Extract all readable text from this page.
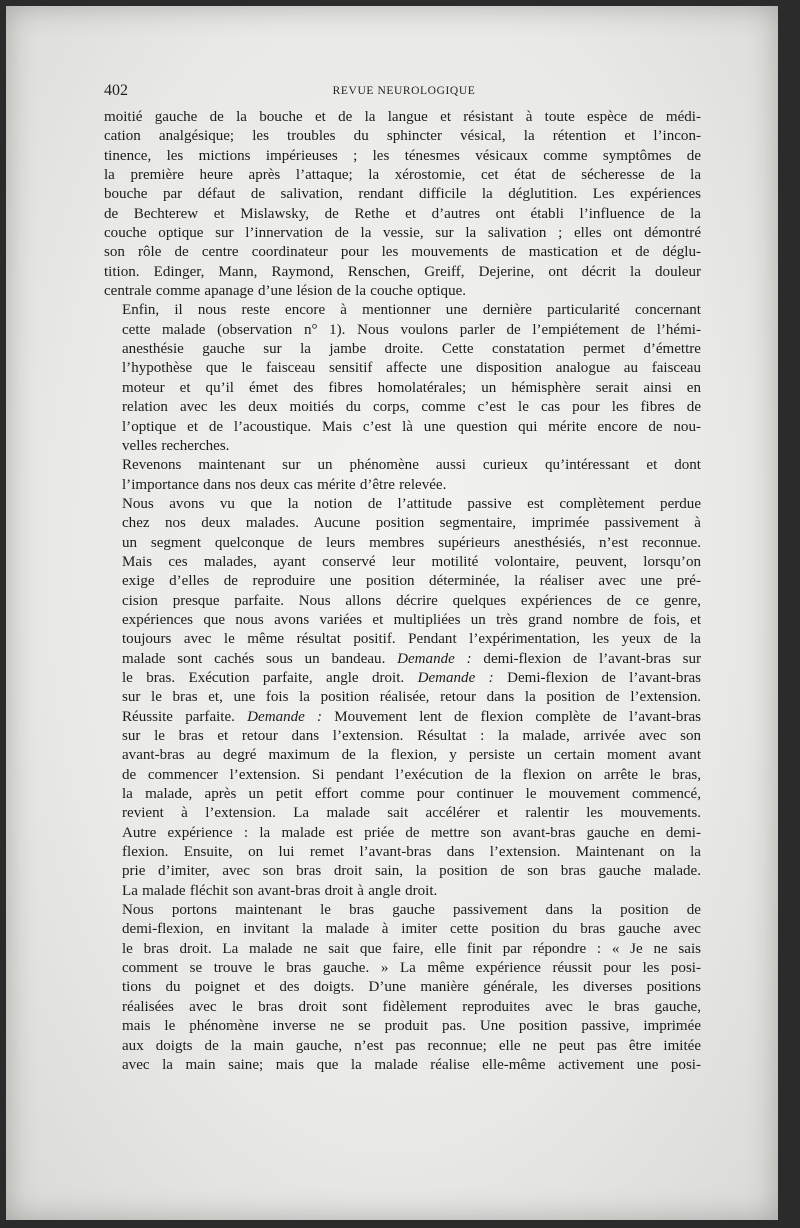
402	REVUE NEUROLOGIQUE
moitié gauche de la bouche et de la langue et résistant à toute espèce de médi-
cation analgésique; les troubles du sphincter vésical, la rétention et l’incon-
tinence, les mictions impérieuses ; les ténesmes vésicaux comme symptômes de
la première heure après l’attaque; la xérostomie, cet état de sécheresse de la
bouche par défaut de salivation, rendant difficile la déglutition. Les expériences
de Bechterew et Mislawsky, de Rethe et d’autres ont établi l’influence de la
couche optique sur l’innervation de la vessie, sur la salivation ; elles ont démontré
son rôle de centre coordinateur pour les mouvements de mastication et de déglu-
tition. Edinger, Mann, Raymond, Renschen, Greiff, Dejerine, ont décrit la douleur
centrale comme apanage d’une lésion de la couche optique.
Enfin, il nous reste encore à mentionner une dernière particularité concernant
cette malade (observation n° 1). Nous voulons parler de l’empiétement de l’hémi-
anesthésie gauche sur la jambe droite. Cette constatation permet d’émettre
l’hypothèse que le faisceau sensitif affecte une disposition analogue au faisceau
moteur et qu’il émet des fibres homolatérales; un hémisphère serait ainsi en
relation avec les deux moitiés du corps, comme c’est le cas pour les fibres de
l’optique et de l’acoustique. Mais c’est là une question qui mérite encore de nou-
velles recherches.
Revenons maintenant sur un phénomène aussi curieux qu’intéressant et dont
l’importance dans nos deux cas mérite d’être relevée.
Nous avons vu que la notion de l’attitude passive est complètement perdue
chez nos deux malades. Aucune position segmentaire, imprimée passivement à
un segment quelconque de leurs membres supérieurs anesthésiés, n’est reconnue.
Mais ces malades, ayant conservé leur motilité volontaire, peuvent, lorsqu’on
exige d’elles de reproduire une position déterminée, la réaliser avec une pré-
cision presque parfaite. Nous allons décrire quelques expériences de ce genre,
expériences que nous avons variées et multipliées un très grand nombre de fois, et
toujours avec le même résultat positif. Pendant l’expérimentation, les yeux de la
malade sont cachés sous un bandeau. Demande : demi-flexion de l’avant-bras sur
le bras. Exécution parfaite, angle droit. Demande : Demi-flexion de l’avant-bras
sur le bras et, une fois la position réalisée, retour dans la position de l’extension.
Réussite parfaite. Demande : Mouvement lent de flexion complète de l’avant-bras
sur le bras et retour dans l’extension. Résultat : la malade, arrivée avec son
avant-bras au degré maximum de la flexion, y persiste un certain moment avant
de commencer l’extension. Si pendant l’exécution de la flexion on arrête le bras,
la malade, après un petit effort comme pour continuer le mouvement commencé,
revient à l’extension. La malade sait accélérer et ralentir les mouvements.
Autre expérience : la malade est priée de mettre son avant-bras gauche en demi-
flexion. Ensuite, on lui remet l’avant-bras dans l’extension. Maintenant on la
prie d’imiter, avec son bras droit sain, la position de son bras gauche malade.
La malade fléchit son avant-bras droit à angle droit.
Nous portons maintenant le bras gauche passivement dans la position de
demi-flexion, en invitant la malade à imiter cette position du bras gauche avec
le bras droit. La malade ne sait que faire, elle finit par répondre : « Je ne sais
comment se trouve le bras gauche. » La même expérience réussit pour les posi-
tions du poignet et des doigts. D’une manière générale, les diverses positions
réalisées avec le bras droit sont fidèlement reproduites avec le bras gauche,
mais le phénomène inverse ne se produit pas. Une position passive, imprimée
aux doigts de la main gauche, n’est pas reconnue; elle ne peut pas être imitée
avec la main saine; mais que la malade réalise elle-même activement une posi-
